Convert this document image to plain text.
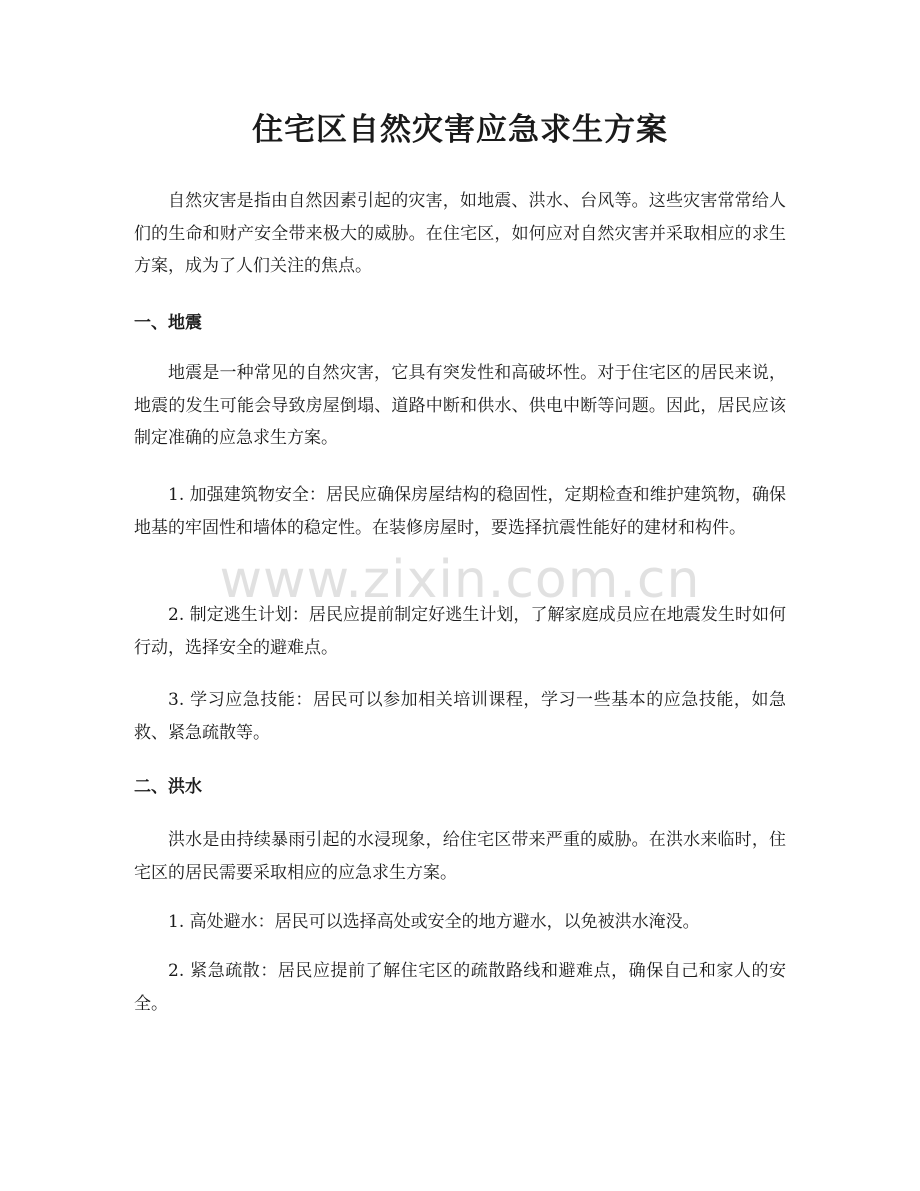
住宅区自然灾害应急求生方案

自然灾害是指由自然因素引起的灾害，如地震、洪水、台风等。这些灾害常常给人们的生命和财产安全带来极大的威胁。在住宅区，如何应对自然灾害并采取相应的求生方案，成为了人们关注的焦点。

一、地震

地震是一种常见的自然灾害，它具有突发性和高破坏性。对于住宅区的居民来说，地震的发生可能会导致房屋倒塌、道路中断和供水、供电中断等问题。因此，居民应该制定准确的应急求生方案。

1. 加强建筑物安全：居民应确保房屋结构的稳固性，定期检查和维护建筑物，确保地基的牢固性和墙体的稳定性。在装修房屋时，要选择抗震性能好的建材和构件。

2. 制定逃生计划：居民应提前制定好逃生计划，了解家庭成员应在地震发生时如何行动，选择安全的避难点。

3. 学习应急技能：居民可以参加相关培训课程，学习一些基本的应急技能，如急救、紧急疏散等。

二、洪水

洪水是由持续暴雨引起的水浸现象，给住宅区带来严重的威胁。在洪水来临时，住宅区的居民需要采取相应的应急求生方案。

1. 高处避水：居民可以选择高处或安全的地方避水，以免被洪水淹没。

2. 紧急疏散：居民应提前了解住宅区的疏散路线和避难点，确保自己和家人的安全。

www.zixin.com.cn
